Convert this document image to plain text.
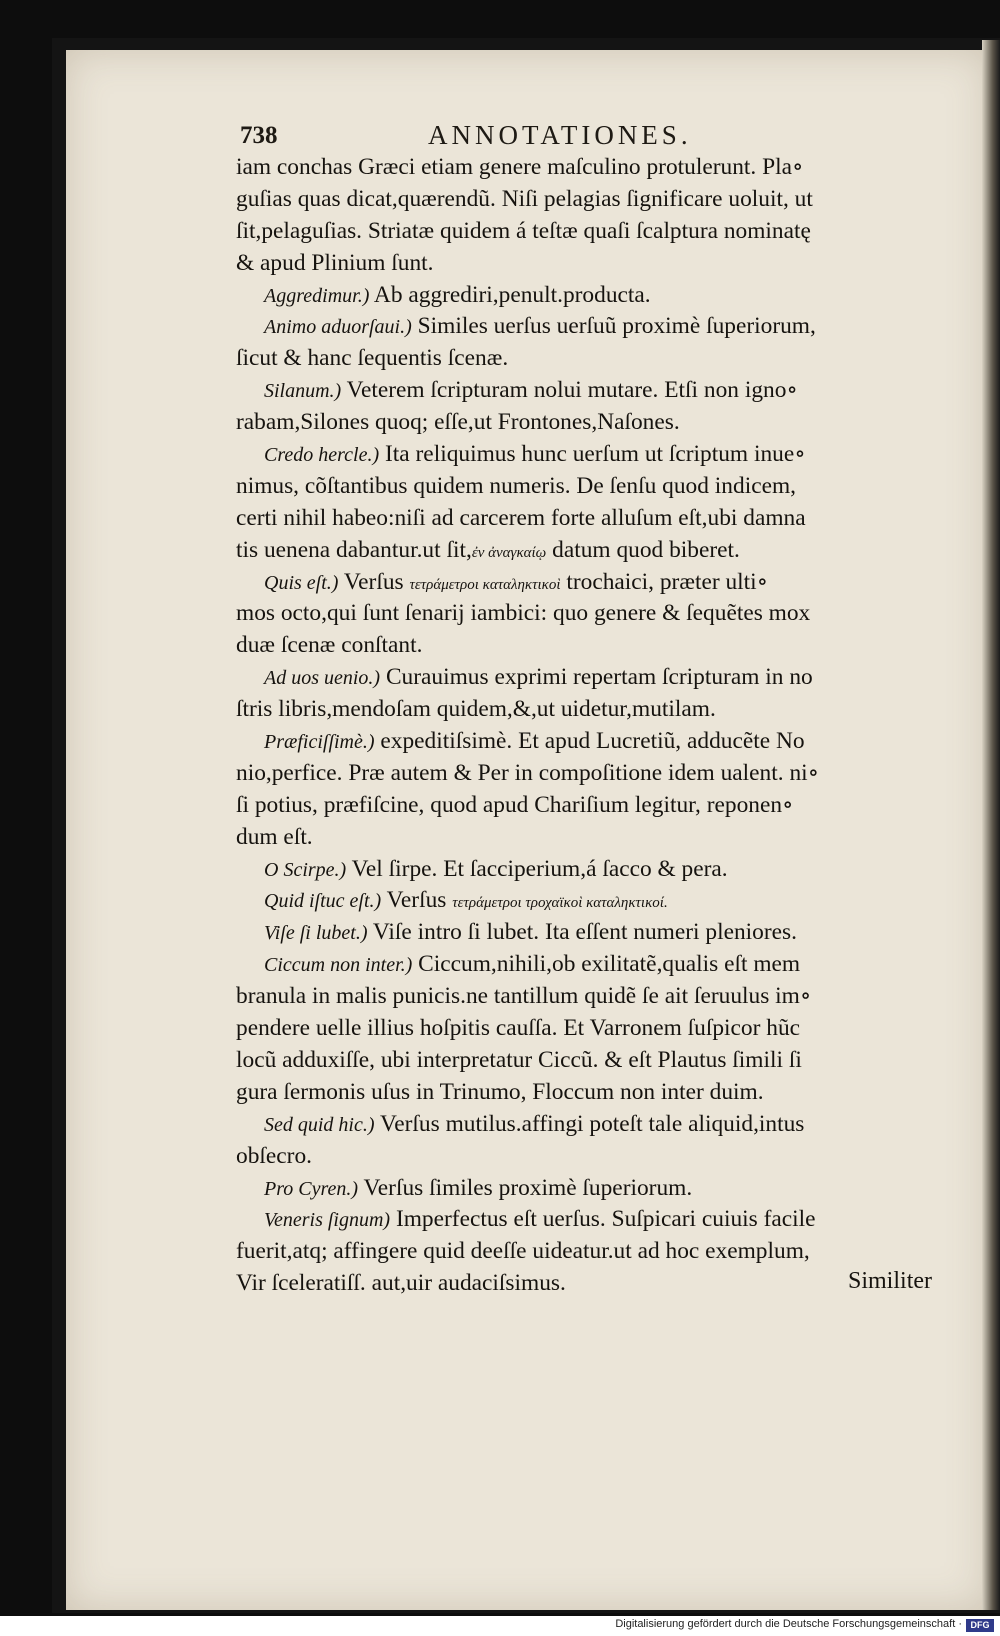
738	ANNOTATIONES.
iam conchas Græci etiam genere maſculino protulerunt. Pla∘
guſias quas dicat,quærendũ. Niſi pelagias ſignificare uoluit, ut
ſit,pelaguſias. Striatæ quidem á teſtæ quaſi ſcalptura nominatę
& apud Plinium ſunt.
Aggredimur.) Ab aggrediri,penult.producta.
Animo aduorſaui.) Similes uerſus uerſuũ proximè ſuperiorum,
ſicut & hanc ſequentis ſcenæ.
Silanum.) Veterem ſcripturam nolui mutare. Etſi non igno∘
rabam,Silones quoq; eſſe,ut Frontones,Naſones.
Credo hercle.) Ita reliquimus hunc uerſum ut ſcriptum inue∘
nimus, cõſtantibus quidem numeris. De ſenſu quod indicem,
certi nihil habeo:niſi ad carcerem forte alluſum eſt,ubi damna
tis uenena dabantur.ut ſit,ἐν ἀναγκαίῳ datum quod biberet.
Quis eſt.) Verſus τετράμετροι καταληκτικοὶ trochaici, præter ulti∘
mos octo,qui ſunt ſenarij iambici: quo genere & ſequẽtes mox
duæ ſcenæ conſtant.
Ad uos uenio.) Curauimus exprimi repertam ſcripturam in no
ſtris libris,mendoſam quidem,&,ut uidetur,mutilam.
Præficiſſimè.) expeditiſsimè. Et apud Lucretiũ, adducẽte No
nio,perfice. Præ autem & Per in compoſitione idem ualent. ni∘
ſi potius, præfiſcine, quod apud Chariſium legitur, reponen∘
dum eſt.
O Scirpe.) Vel ſirpe. Et ſacciperium,á ſacco & pera.
Quid iſtuc eſt.) Verſus τετράμετροι τροχαϊκοὶ καταληκτικοί.
Viſe ſi lubet.) Viſe intro ſi lubet. Ita eſſent numeri pleniores.
Ciccum non inter.) Ciccum,nihili,ob exilitatẽ,qualis eſt mem
branula in malis punicis.ne tantillum quidẽ ſe ait ſeruulus im∘
pendere uelle illius hoſpitis cauſſa. Et Varronem ſuſpicor hũc
locũ adduxiſſe, ubi interpretatur Ciccũ. & eſt Plautus ſimili ſi
gura ſermonis uſus in Trinumo, Floccum non inter duim.
Sed quid hic.) Verſus mutilus.affingi poteſt tale aliquid,intus
obſecro.
Pro Cyren.) Verſus ſimiles proximè ſuperiorum.
Veneris ſignum) Imperfectus eſt uerſus. Suſpicari cuiuis facile
fuerit,atq; affingere quid deeſſe uideatur.ut ad hoc exemplum,
Vir ſceleratiſſ. aut,uir audaciſsimus.	Similiter
Digitalisierung gefördert durch die Deutsche Forschungsgemeinschaft · DFG
